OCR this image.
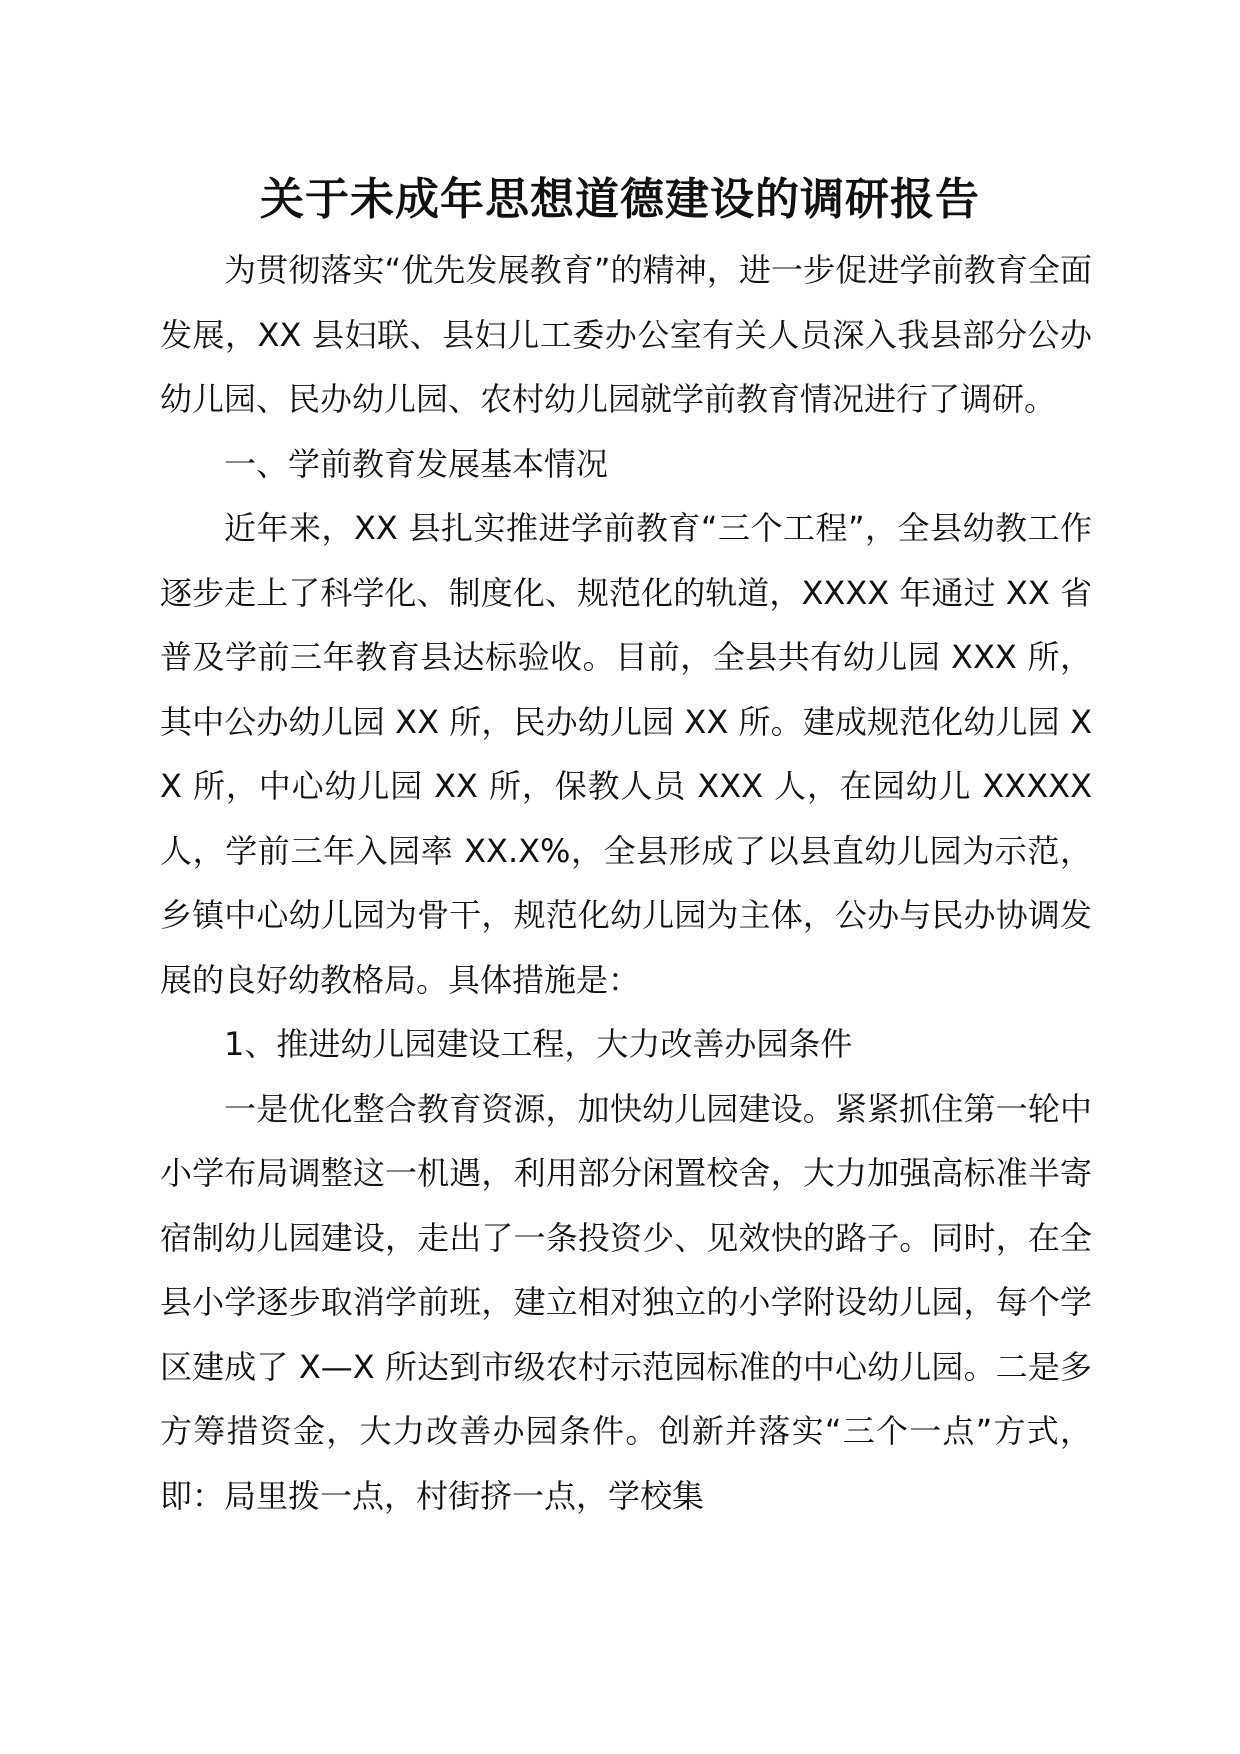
关于未成年思想道德建设的调研报告

为贯彻落实“优先发展教育”的精神，进一步促进学前教育全面发展，XX 县妇联、县妇儿工委办公室有关人员深入我县部分公办幼儿园、民办幼儿园、农村幼儿园就学前教育情况进行了调研。

一、学前教育发展基本情况

近年来，XX 县扎实推进学前教育“三个工程”，全县幼教工作逐步走上了科学化、制度化、规范化的轨道，XXXX 年通过 XX 省普及学前三年教育县达标验收。目前，全县共有幼儿园 XXX 所，其中公办幼儿园 XX 所，民办幼儿园 XX 所。建成规范化幼儿园 XX 所，中心幼儿园 XX 所，保教人员 XXX 人，在园幼儿 XXXXX 人，学前三年入园率 XX.X%，全县形成了以县直幼儿园为示范，乡镇中心幼儿园为骨干，规范化幼儿园为主体，公办与民办协调发展的良好幼教格局。具体措施是：

1、推进幼儿园建设工程，大力改善办园条件

一是优化整合教育资源，加快幼儿园建设。紧紧抓住第一轮中小学布局调整这一机遇，利用部分闲置校舍，大力加强高标准半寄宿制幼儿园建设，走出了一条投资少、见效快的路子。同时，在全县小学逐步取消学前班，建立相对独立的小学附设幼儿园，每个学区建成了 X—X 所达到市级农村示范园标准的中心幼儿园。二是多方筹措资金，大力改善办园条件。创新并落实“三个一点”方式，即：局里拨一点，村街挤一点，学校集
